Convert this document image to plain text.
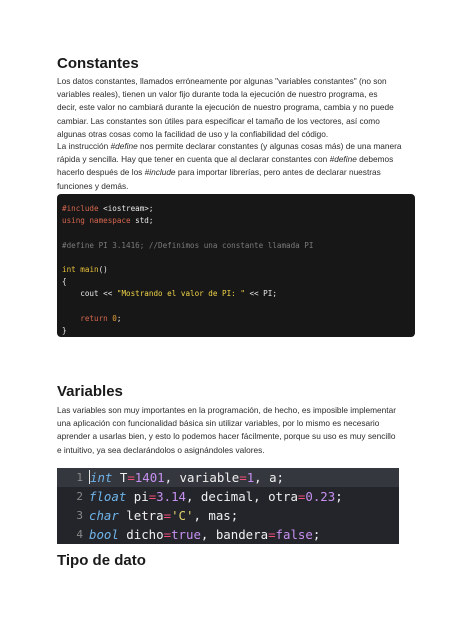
Constantes
Los datos constantes, llamados erróneamente por algunas "variables constantes" (no son
variables reales), tienen un valor fijo durante toda la ejecución de nuestro programa, es
decir, este valor no cambiará durante la ejecución de nuestro programa, cambia y no puede
cambiar. Las constantes son útiles para especificar el tamaño de los vectores, así como
algunas otras cosas como la facilidad de uso y la confiabilidad del código.
La instrucción #define nos permite declarar constantes (y algunas cosas más) de una manera
rápida y sencilla. Hay que tener en cuenta que al declarar constantes con #define debemos
hacerlo después de los #include para importar librerías, pero antes de declarar nuestras
funciones y demás.
#include <iostream>;
using namespace std;

#define PI 3.1416; //Definimos una constante llamada PI

int main()
{
cout << "Mostrando el valor de PI: " << PI;

return 0;
}
Variables
Las variables son muy importantes en la programación, de hecho, es imposible implementar
una aplicación con funcionalidad básica sin utilizar variables, por lo mismo es necesario
aprender a usarlas bien, y esto lo podemos hacer fácilmente, porque su uso es muy sencillo
e intuitivo, ya sea declarándolos o asignándoles valores.
1 int T=1401, variable=1, a;
2 float pi=3.14, decimal, otra=0.23;
3 char letra='C', mas;
4 bool dicho=true, bandera=false;
Tipo de dato
